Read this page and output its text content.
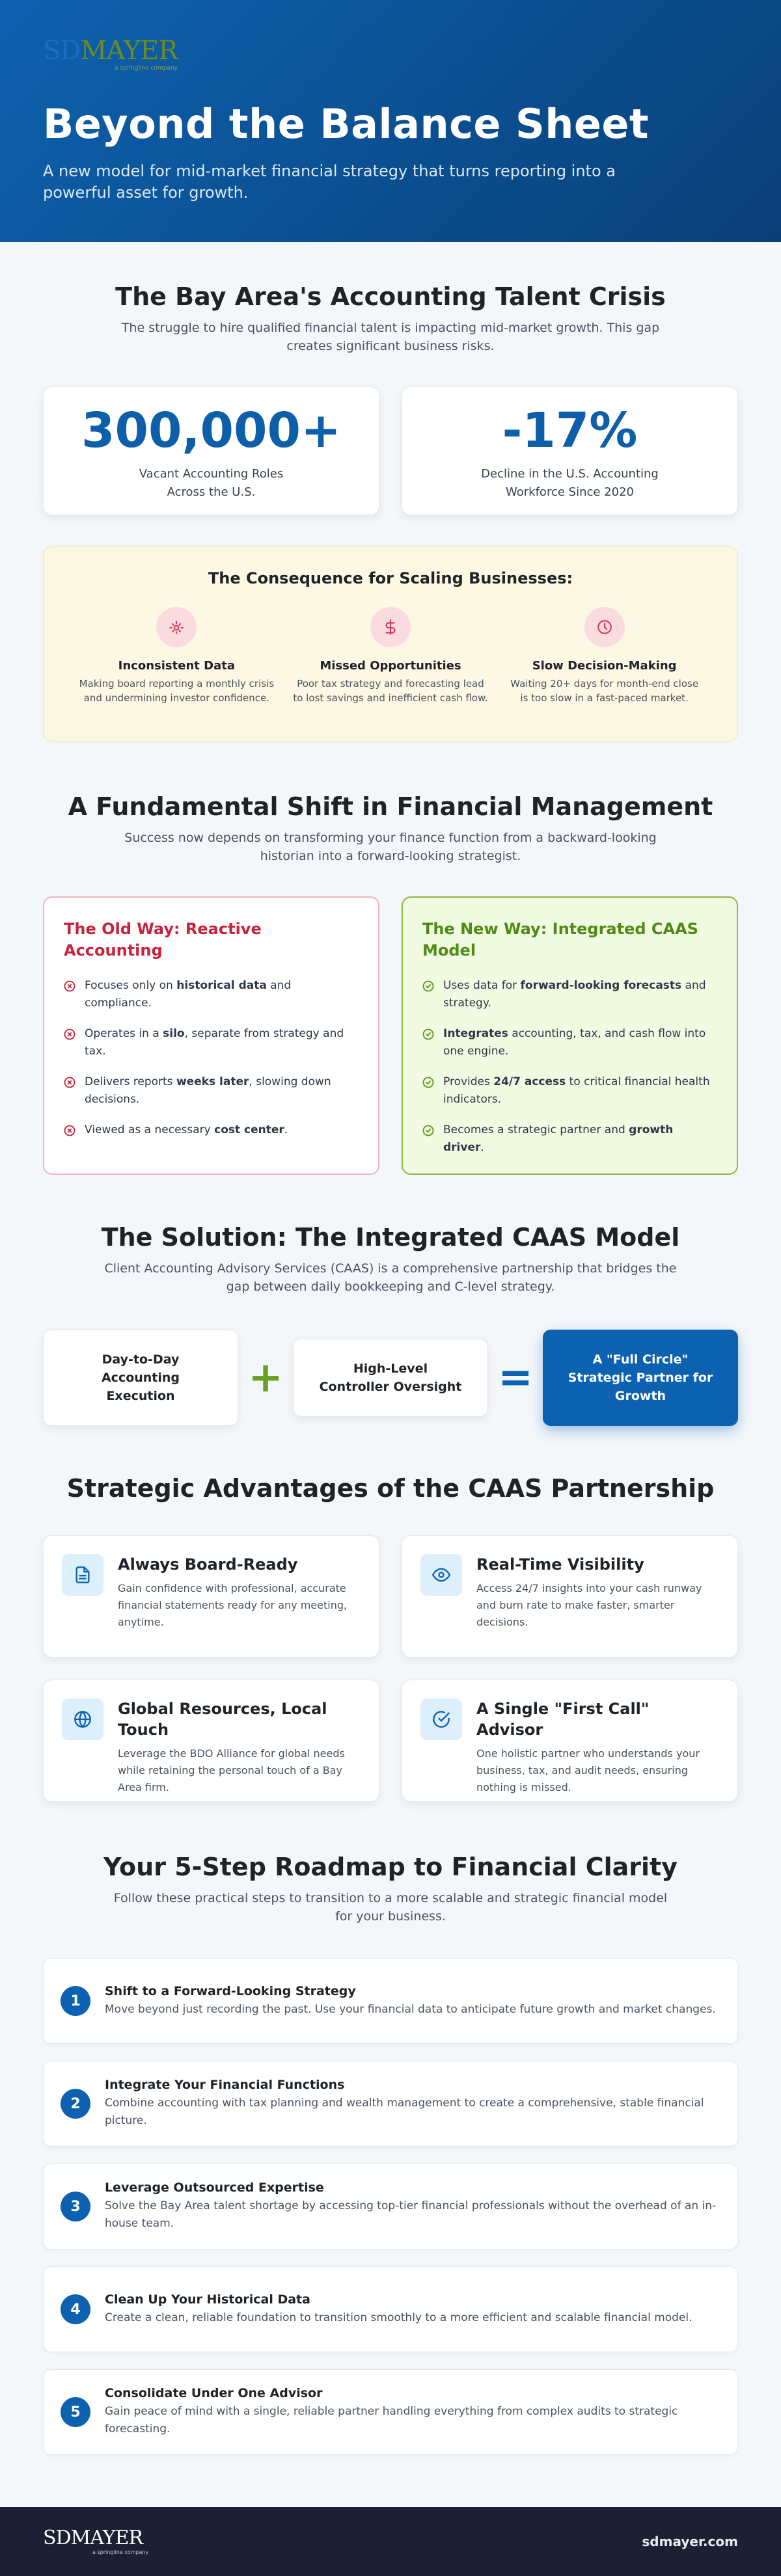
SDMAYER
a springline company
Beyond the Balance Sheet

A new model for mid-market financial strategy that turns reporting into a powerful asset for growth.

The Bay Area's Accounting Talent Crisis

The struggle to hire qualified financial talent is impacting mid-market growth. This gap creates significant business risks.

300,000+
Vacant Accounting Roles
Across the U.S.
-17%
Decline in the U.S. Accounting
Workforce Since 2020
The Consequence for Scaling Businesses:
Inconsistent Data
Making board reporting a monthly crisis and undermining investor confidence.
Missed Opportunities
Poor tax strategy and forecasting lead to lost savings and inefficient cash flow.
Slow Decision-Making
Waiting 20+ days for month-end close is too slow in a fast-paced market.
A Fundamental Shift in Financial Management

Success now depends on transforming your finance function from a backward-looking historian into a forward-looking strategist.

The Old Way: Reactive Accounting
Focuses only on historical data and compliance.
Operates in a silo, separate from strategy and tax.
Delivers reports weeks later, slowing down decisions.
Viewed as a necessary cost center.
The New Way: Integrated CAAS Model
Uses data for forward-looking forecasts and strategy.
Integrates accounting, tax, and cash flow into one engine.
Provides 24/7 access to critical financial health indicators.
Becomes a strategic partner and growth driver.
The Solution: The Integrated CAAS Model

Client Accounting Advisory Services (CAAS) is a comprehensive partnership that bridges the gap between daily bookkeeping and C-level strategy.

Day-to-Day
Accounting
Execution +	High-Level
Controller Oversight =	A "Full Circle"
Strategic Partner for
Growth
Strategic Advantages of the CAAS Partnership
Always Board-Ready
Gain confidence with professional, accurate financial statements ready for any meeting, anytime.
Real-Time Visibility
Access 24/7 insights into your cash runway and burn rate to make faster, smarter decisions.
Global Resources, Local Touch
Leverage the BDO Alliance for global needs while retaining the personal touch of a Bay Area firm.
A Single "First Call" Advisor
One holistic partner who understands your business, tax, and audit needs, ensuring nothing is missed.
Your 5-Step Roadmap to Financial Clarity

Follow these practical steps to transition to a more scalable and strategic financial model for your business.

1
Shift to a Forward-Looking Strategy
Move beyond just recording the past. Use your financial data to anticipate future growth and market changes.
2
Integrate Your Financial Functions
Combine accounting with tax planning and wealth management to create a comprehensive, stable financial picture.
3
Leverage Outsourced Expertise
Solve the Bay Area talent shortage by accessing top-tier financial professionals without the overhead of an in-house team.
4
Clean Up Your Historical Data
Create a clean, reliable foundation to transition smoothly to a more efficient and scalable financial model.
5
Consolidate Under One Advisor
Gain peace of mind with a single, reliable partner handling everything from complex audits to strategic forecasting.
SDMAYER
a springline company
sdmayer.com
